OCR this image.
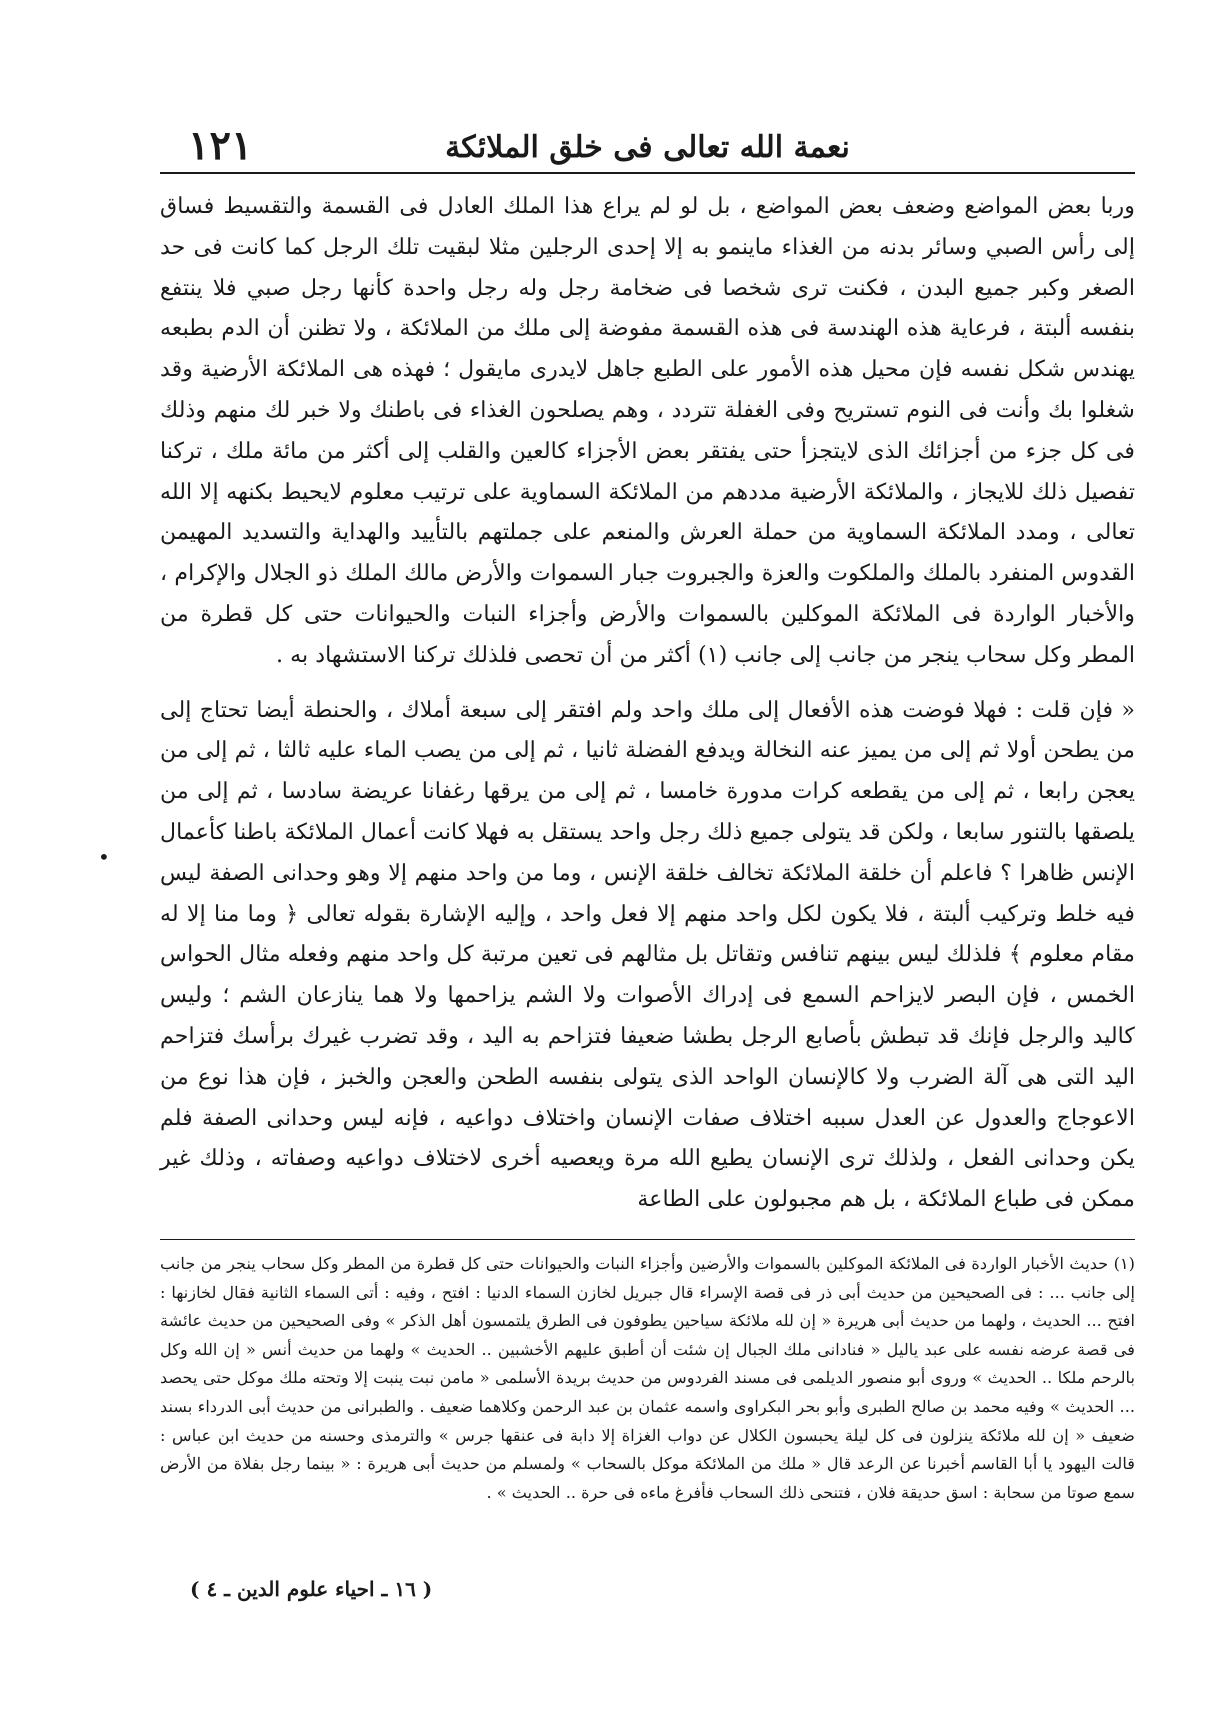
نعمة الله تعالى فى خلق الملائكة
١٢١

وربا بعض المواضع وضعف بعض المواضع ، بل لو لم يراع هذا الملك العادل فى القسمة والتقسيط فساق إلى رأس الصبي وسائر بدنه من الغذاء ماينمو به إلا إحدى الرجلين مثلا لبقيت تلك الرجل كما كانت فى حد الصغر وكبر جميع البدن ، فكنت ترى شخصا فى ضخامة رجل وله رجل واحدة كأنها رجل صبي فلا ينتفع بنفسه ألبتة ، فرعاية هذه الهندسة فى هذه القسمة مفوضة إلى ملك من الملائكة ، ولا تظنن أن الدم بطبعه يهندس شكل نفسه فإن محيل هذه الأمور على الطبع جاهل لايدرى مايقول ؛ فهذه هى الملائكة الأرضية وقد شغلوا بك وأنت فى النوم تستريح وفى الغفلة تتردد ، وهم يصلحون الغذاء فى باطنك ولا خبر لك منهم وذلك فى كل جزء من أجزائك الذى لايتجزأ حتى يفتقر بعض الأجزاء كالعين والقلب إلى أكثر من مائة ملك ، تركنا تفصيل ذلك للايجاز ، والملائكة الأرضية مددهم من الملائكة السماوية على ترتيب معلوم لايحيط بكنهه إلا الله تعالى ، ومدد الملائكة السماوية من حملة العرش والمنعم على جملتهم بالتأييد والهداية والتسديد المهيمن القدوس المنفرد بالملك والملكوت والعزة والجبروت جبار السموات والأرض مالك الملك ذو الجلال والإكرام ، والأخبار الواردة فى الملائكة الموكلين بالسموات والأرض وأجزاء النبات والحيوانات حتى كل قطرة من المطر وكل سحاب ينجر من جانب إلى جانب (١) أكثر من أن تحصى فلذلك تركنا الاستشهاد به .

« فإن قلت : فهلا فوضت هذه الأفعال إلى ملك واحد ولم افتقر إلى سبعة أملاك ، والحنطة أيضا تحتاج إلى من يطحن أولا ثم إلى من يميز عنه النخالة ويدفع الفضلة ثانيا ، ثم إلى من يصب الماء عليه ثالثا ، ثم إلى من يعجن رابعا ، ثم إلى من يقطعه كرات مدورة خامسا ، ثم إلى من يرقها رغفانا عريضة سادسا ، ثم إلى من يلصقها بالتنور سابعا ، ولكن قد يتولى جميع ذلك رجل واحد يستقل به فهلا كانت أعمال الملائكة باطنا كأعمال الإنس ظاهرا ؟ فاعلم أن خلقة الملائكة تخالف خلقة الإنس ، وما من واحد منهم إلا وهو وحدانى الصفة ليس فيه خلط وتركيب ألبتة ، فلا يكون لكل واحد منهم إلا فعل واحد ، وإليه الإشارة بقوله تعالى ﴿ وما منا إلا له مقام معلوم ﴾ فلذلك ليس بينهم تنافس وتقاتل بل مثالهم فى تعين مرتبة كل واحد منهم وفعله مثال الحواس الخمس ، فإن البصر لايزاحم السمع فى إدراك الأصوات ولا الشم يزاحمها ولا هما ينازعان الشم ؛ وليس كاليد والرجل فإنك قد تبطش بأصابع الرجل بطشا ضعيفا فتزاحم به اليد ، وقد تضرب غيرك برأسك فتزاحم اليد التى هى آلة الضرب ولا كالإنسان الواحد الذى يتولى بنفسه الطحن والعجن والخبز ، فإن هذا نوع من الاعوجاج والعدول عن العدل سببه اختلاف صفات الإنسان واختلاف دواعيه ، فإنه ليس وحدانى الصفة فلم يكن وحدانى الفعل ، ولذلك ترى الإنسان يطيع الله مرة ويعصيه أخرى لاختلاف دواعيه وصفاته ، وذلك غير ممكن فى طباع الملائكة ، بل هم مجبولون على الطاعة

•

(١) حديث الأخبار الواردة فى الملائكة الموكلين بالسموات والأرضين وأجزاء النبات والحيوانات حتى كل قطرة من المطر وكل سحاب ينجر من جانب إلى جانب ... : فى الصحيحين من حديث أبى ذر فى قصة الإسراء قال جبريل لخازن السماء الدنيا : افتح ، وفيه : أتى السماء الثانية فقال لخازنها : افتح ... الحديث ، ولهما من حديث أبى هريرة « إن لله ملائكة سياحين يطوفون فى الطرق يلتمسون أهل الذكر » وفى الصحيحين من حديث عائشة فى قصة عرضه نفسه على عبد ياليل « فنادانى ملك الجبال إن شئت أن أطبق عليهم الأخشبين .. الحديث » ولهما من حديث أنس « إن الله وكل بالرحم ملكا .. الحديث » وروى أبو منصور الديلمى فى مسند الفردوس من حديث بريدة الأسلمى « مامن نبت ينبت إلا وتحته ملك موكل حتى يحصد ... الحديث » وفيه محمد بن صالح الطبرى وأبو بحر البكراوى واسمه عثمان بن عبد الرحمن وكلاهما ضعيف . والطبرانى من حديث أبى الدرداء بسند ضعيف « إن لله ملائكة ينزلون فى كل ليلة يحبسون الكلال عن دواب الغزاة إلا دابة فى عنقها جرس » والترمذى وحسنه من حديث ابن عباس : قالت اليهود يا أبا القاسم أخبرنا عن الرعد قال « ملك من الملائكة موكل بالسحاب » ولمسلم من حديث أبى هريرة : « بينما رجل بفلاة من الأرض سمع صوتا من سحابة : اسق حديقة فلان ، فتنحى ذلك السحاب فأفرغ ماءه فى حرة .. الحديث » .

( ١٦ ـ احياء علوم الدين ـ ٤ )
